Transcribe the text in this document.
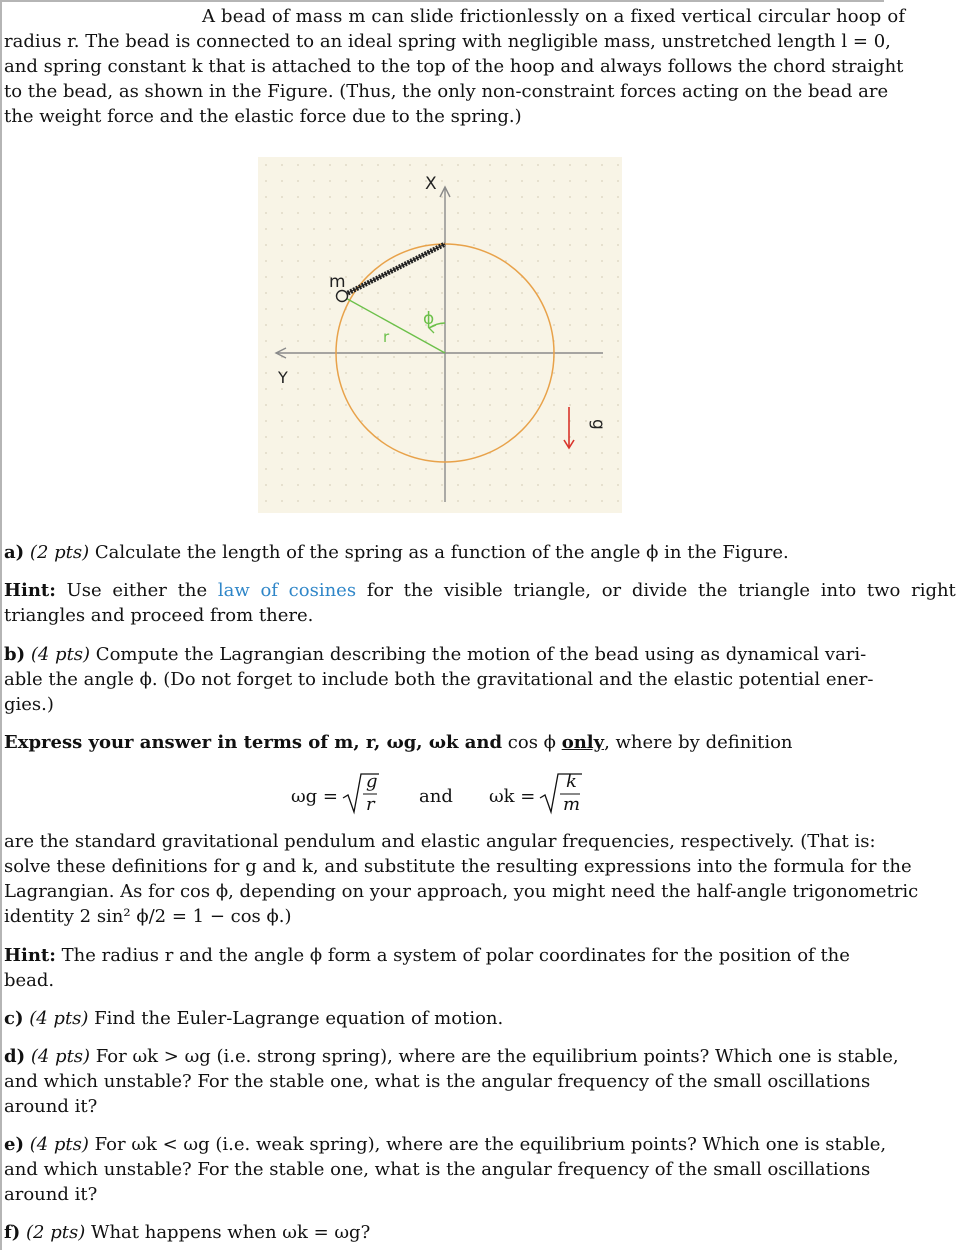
A bead of mass m can slide frictionlessly on a fixed vertical circular hoop of
radius r. The bead is connected to an ideal spring with negligible mass, unstretched length l = 0,
and spring constant k that is attached to the top of the hoop and always follows the chord straight
to the bead, as shown in the Figure. (Thus, the only non-constraint forces acting on the bead are
the weight force and the elastic force due to the spring.)
X
Y
m
r
ϕ
g
a) (2 pts) Calculate the length of the spring as a function of the angle ϕ in the Figure.
Hint: Use either the law of cosines for the visible triangle, or divide the triangle into two right
triangles and proceed from there.
b) (4 pts) Compute the Lagrangian describing the motion of the bead using as dynamical vari-
able the angle ϕ. (Do not forget to include both the gravitational and the elastic potential ener-
gies.)
Express your answer in terms of m, r, ωg, ωk and cos ϕ only, where by definition
ωg =
g
r and ωk =
k
m
are the standard gravitational pendulum and elastic angular frequencies, respectively. (That is:
solve these definitions for g and k, and substitute the resulting expressions into the formula for the
Lagrangian. As for cos ϕ, depending on your approach, you might need the half-angle trigonometric
identity 2 sin² ϕ/2 = 1 − cos ϕ.)
Hint: The radius r and the angle ϕ form a system of polar coordinates for the position of the
bead.
c) (4 pts) Find the Euler-Lagrange equation of motion.
d) (4 pts) For ωk > ωg (i.e. strong spring), where are the equilibrium points? Which one is stable,
and which unstable? For the stable one, what is the angular frequency of the small oscillations
around it?
e) (4 pts) For ωk < ωg (i.e. weak spring), where are the equilibrium points? Which one is stable,
and which unstable? For the stable one, what is the angular frequency of the small oscillations
around it?
f) (2 pts) What happens when ωk = ωg?
